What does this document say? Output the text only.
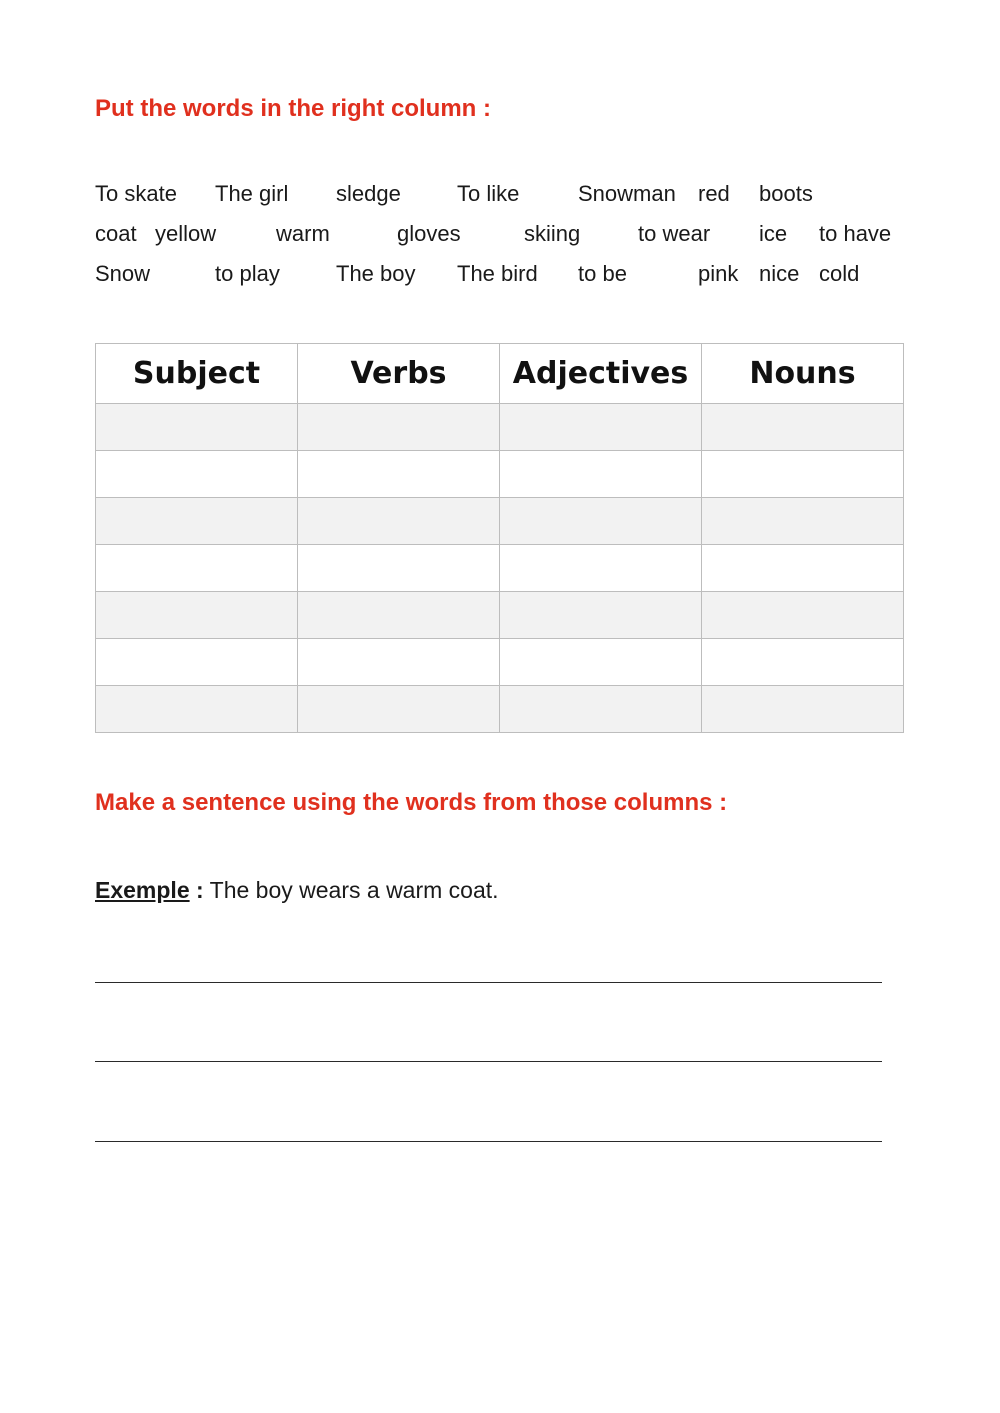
Put the words in the right column :
To skate The girl sledge	To like	Snowman red boots
coat yellow	warm	gloves	skiing	to wear ice to have
Snow	to play	The boy The bird to be	pink nice cold
Subject	Verbs	Adjectives	Nouns

Make a sentence using the words from those columns :
Exemple : The boy wears a warm coat.
